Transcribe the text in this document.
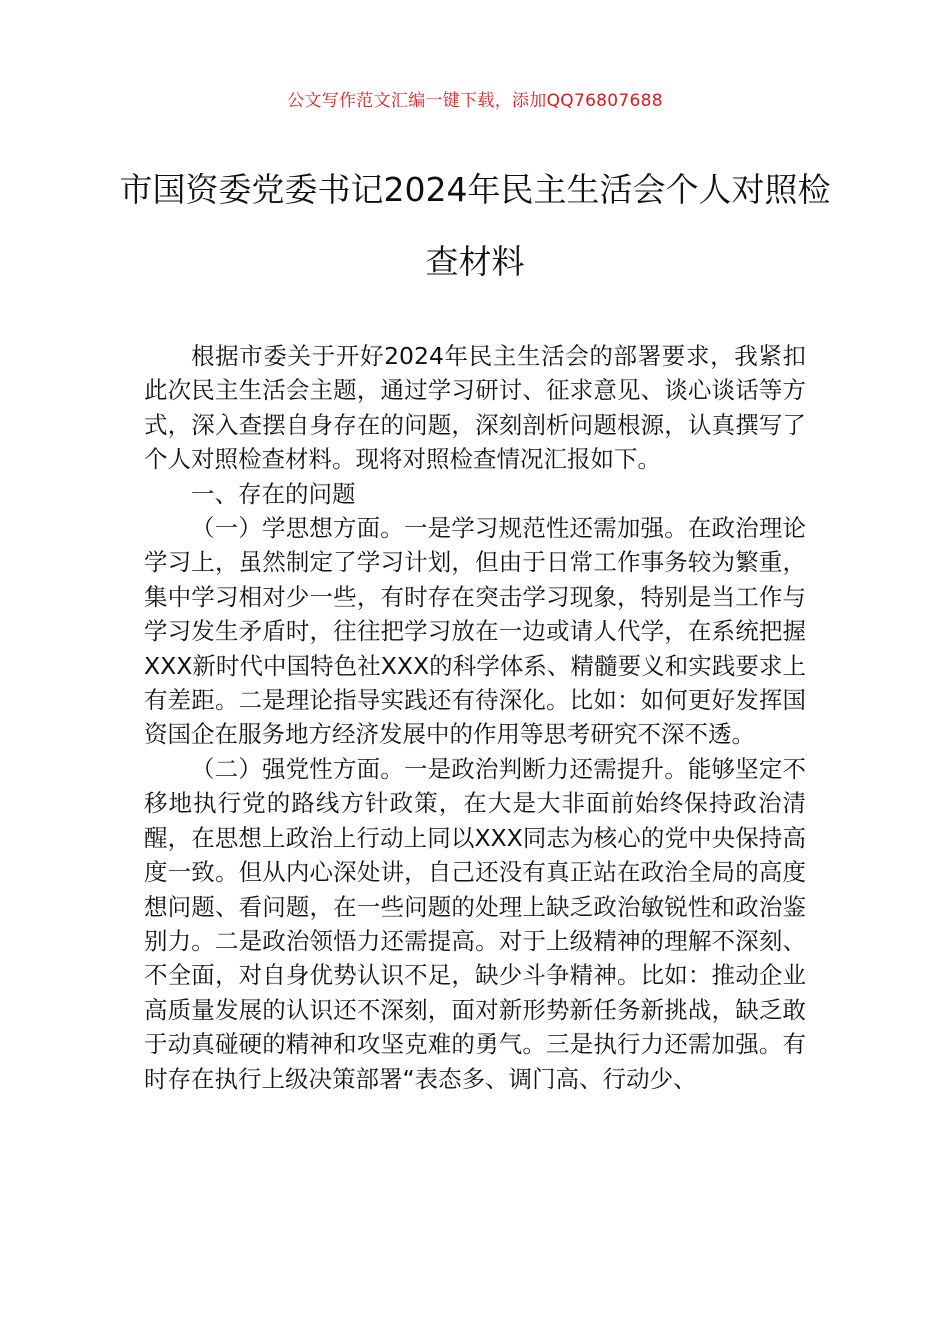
公文写作范文汇编一键下载，添加QQ76807688
市国资委党委书记2024年民主生活会个人对照检查材料

根据市委关于开好2024年民主生活会的部署要求，我紧扣此次民主生活会主题，通过学习研讨、征求意见、谈心谈话等方式，深入查摆自身存在的问题，深刻剖析问题根源，认真撰写了个人对照检查材料。现将对照检查情况汇报如下。

一、存在的问题

（一）学思想方面。一是学习规范性还需加强。在政治理论学习上，虽然制定了学习计划，但由于日常工作事务较为繁重，集中学习相对少一些，有时存在突击学习现象，特别是当工作与学习发生矛盾时，往往把学习放在一边或请人代学，在系统把握XXX新时代中国特色社XXX的科学体系、精髓要义和实践要求上有差距。二是理论指导实践还有待深化。比如：如何更好发挥国资国企在服务地方经济发展中的作用等思考研究不深不透。

（二）强党性方面。一是政治判断力还需提升。能够坚定不移地执行党的路线方针政策，在大是大非面前始终保持政治清醒，在思想上政治上行动上同以XXX同志为核心的党中央保持高度一致。但从内心深处讲，自己还没有真正站在政治全局的高度想问题、看问题，在一些问题的处理上缺乏政治敏锐性和政治鉴别力。二是政治领悟力还需提高。对于上级精神的理解不深刻、不全面，对自身优势认识不足，缺少斗争精神。比如：推动企业高质量发展的认识还不深刻，面对新形势新任务新挑战，缺乏敢于动真碰硬的精神和攻坚克难的勇气。三是执行力还需加强。有时存在执行上级决策部署“表态多、调门高、行动少、
